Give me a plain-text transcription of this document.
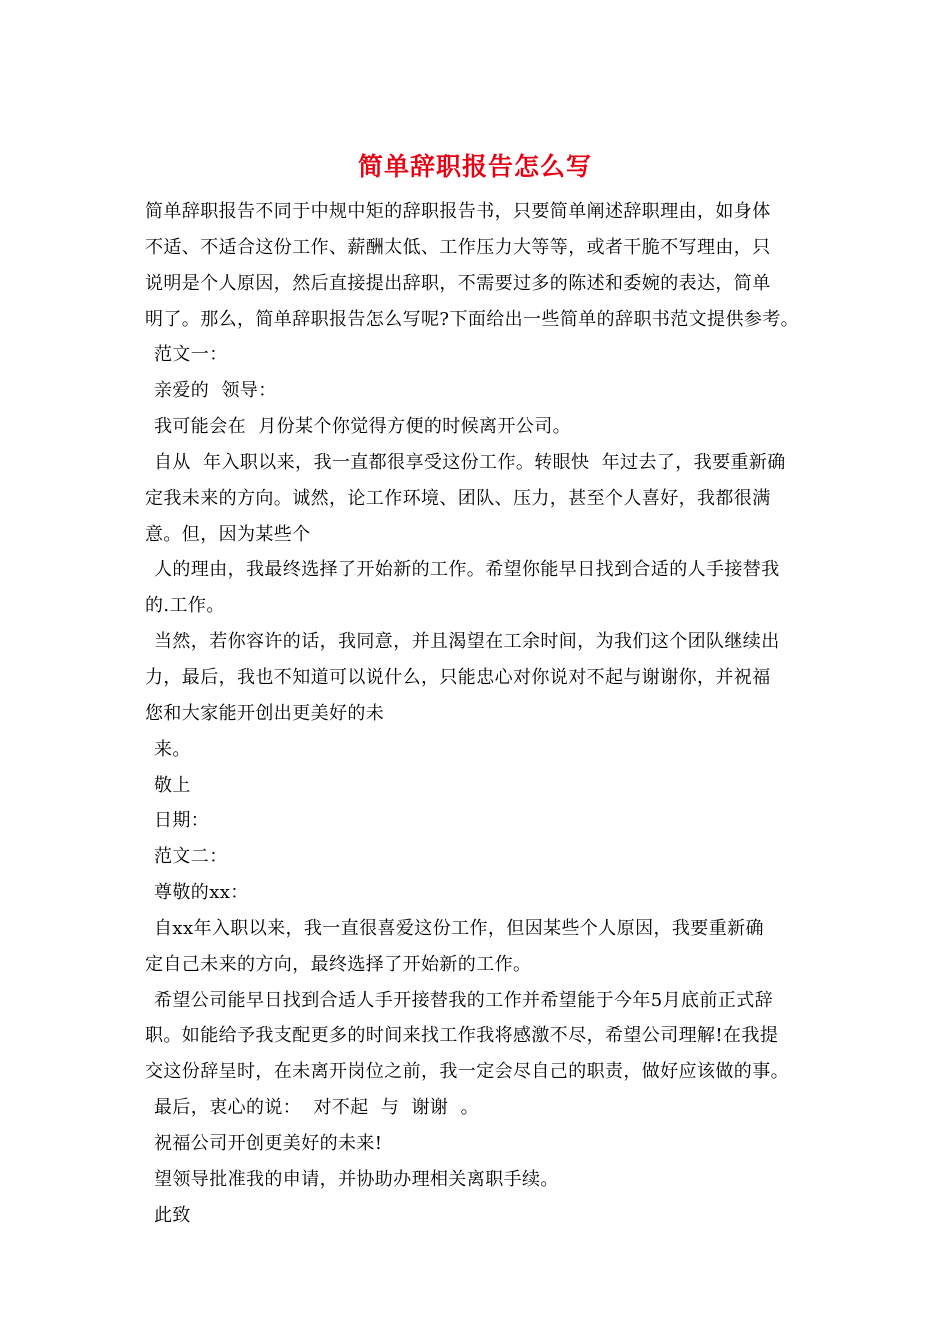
简单辞职报告怎么写
简单辞职报告不同于中规中矩的辞职报告书，只要简单阐述辞职理由，如身体
不适、不适合这份工作、薪酬太低、工作压力大等等，或者干脆不写理由，只
说明是个人原因，然后直接提出辞职，不需要过多的陈述和委婉的表达，简单
明了。那么，简单辞职报告怎么写呢?下面给出一些简单的辞职书范文提供参考。
范文一：
亲爱的  领导：
我可能会在  月份某个你觉得方便的时候离开公司。
自从  年入职以来，我一直都很享受这份工作。转眼快  年过去了，我要重新确
定我未来的方向。诚然，论工作环境、团队、压力，甚至个人喜好，我都很满
意。但，因为某些个
人的理由，我最终选择了开始新的工作。希望你能早日找到合适的人手接替我
的.工作。
当然，若你容许的话，我同意，并且渴望在工余时间，为我们这个团队继续出
力，最后，我也不知道可以说什么，只能忠心对你说对不起与谢谢你，并祝福
您和大家能开创出更美好的未
来。
敬上
日期：
范文二：
尊敬的xx：
自xx年入职以来，我一直很喜爱这份工作，但因某些个人原因，我要重新确
定自己未来的方向，最终选择了开始新的工作。
希望公司能早日找到合适人手开接替我的工作并希望能于今年5月底前正式辞
职。如能给予我支配更多的时间来找工作我将感激不尽，希望公司理解!在我提
交这份辞呈时，在未离开岗位之前，我一定会尽自己的职责，做好应该做的事。
最后，衷心的说：  对不起  与  谢谢  。
祝福公司开创更美好的未来!
望领导批准我的申请，并协助办理相关离职手续。
此致
